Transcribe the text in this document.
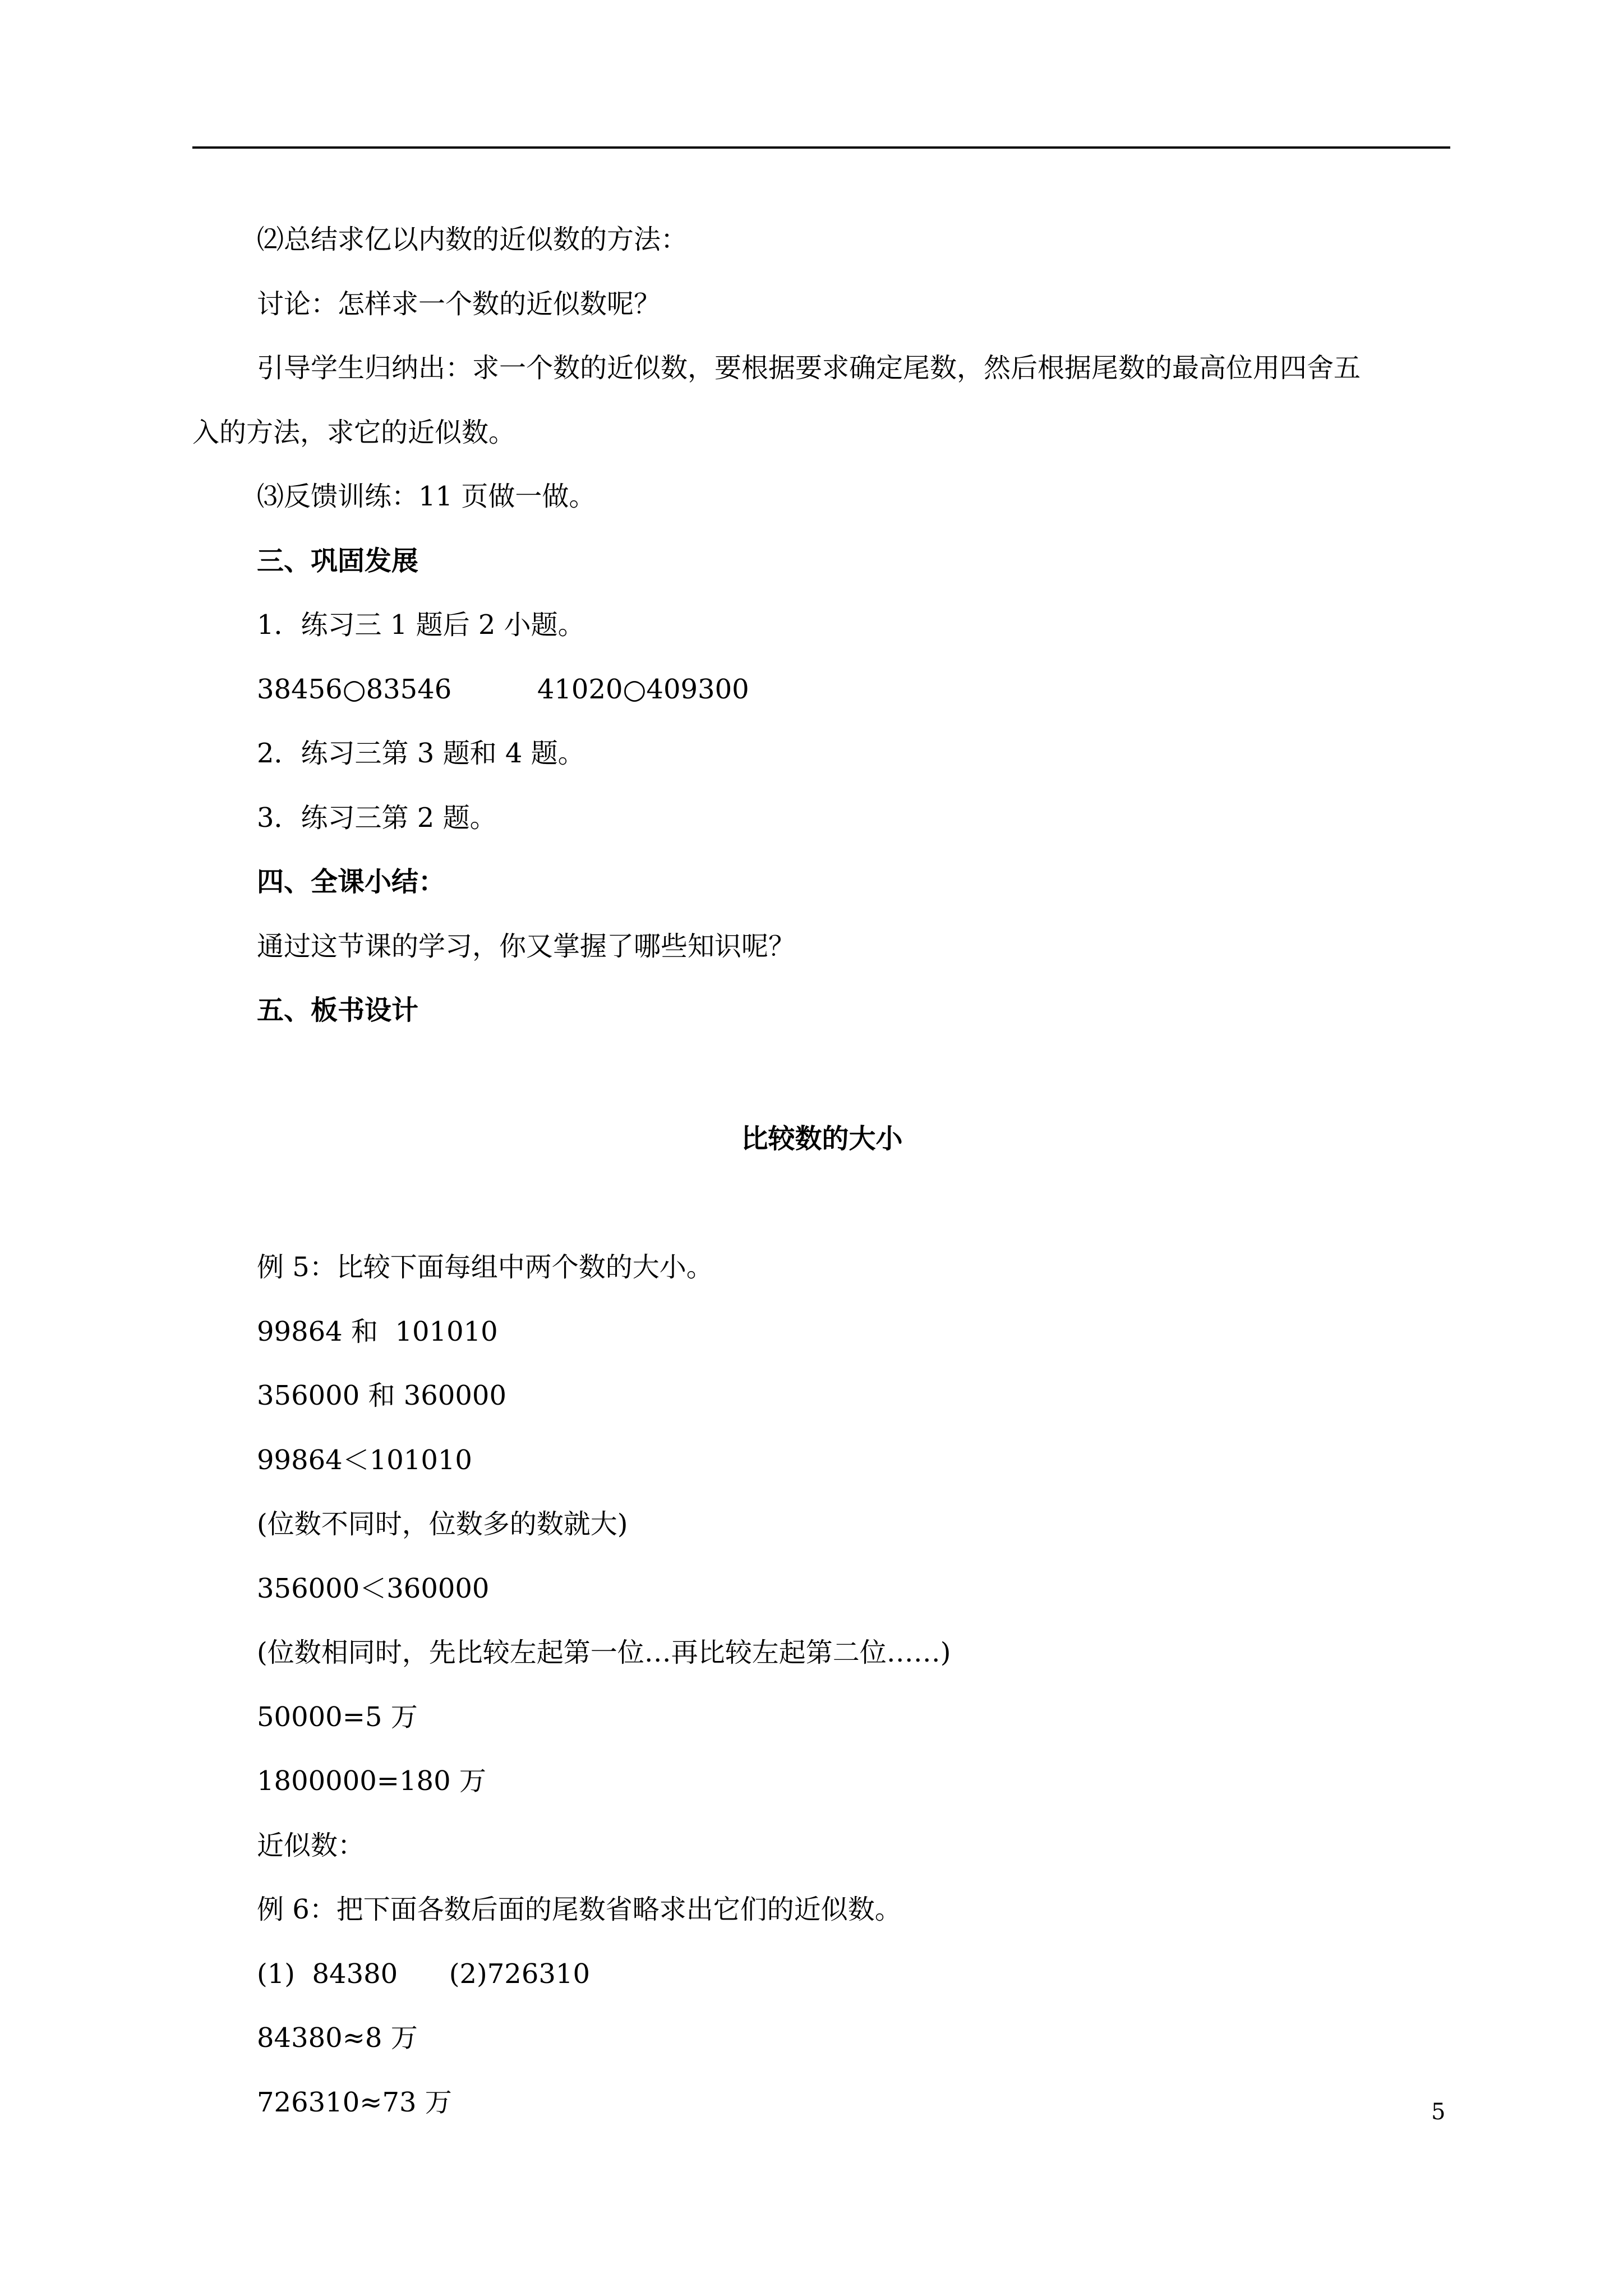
⑵总结求亿以内数的近似数的方法：
讨论：怎样求一个数的近似数呢？
引导学生归纳出：求一个数的近似数，要根据要求确定尾数，然后根据尾数的最高位用四舍五
入的方法，求它的近似数。
⑶反馈训练：11 页做一做。
三、巩固发展
1．练习三 1 题后 2 小题。
38456○83546          41020○409300
2．练习三第 3 题和 4 题。
3．练习三第 2 题。
四、全课小结：
通过这节课的学习，你又掌握了哪些知识呢？
五、板书设计
比较数的大小
例 5：比较下面每组中两个数的大小。
99864 和  101010
356000 和 360000
99864＜101010
(位数不同时，位数多的数就大)
356000＜360000
(位数相同时，先比较左起第一位…再比较左起第二位……)
50000=5 万
1800000=180 万
近似数：
例 6：把下面各数后面的尾数省略求出它们的近似数。
(1)  84380      (2)726310
84380≈8 万
726310≈73 万	5
